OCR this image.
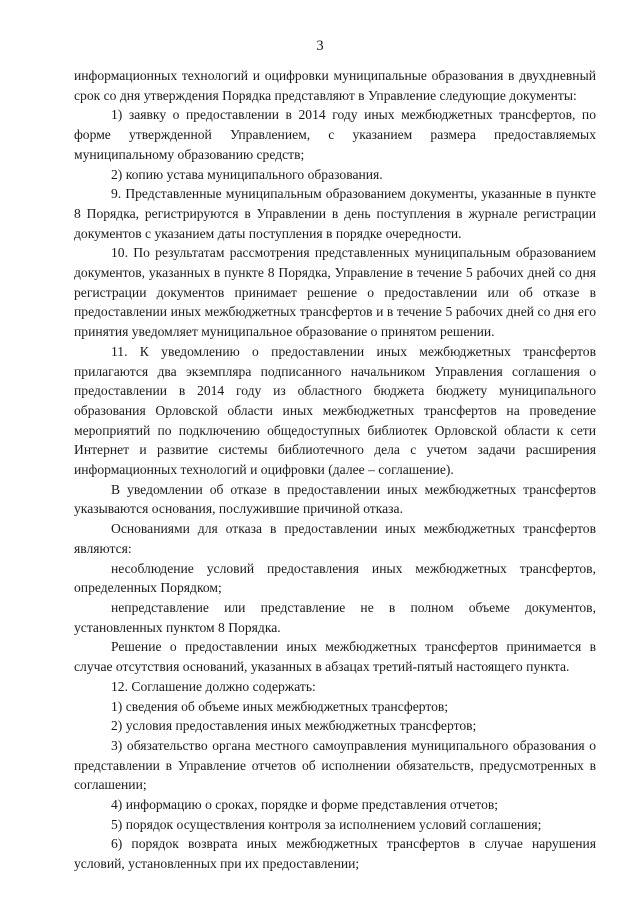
3

информационных технологий и оцифровки муниципальные образования в двухдневный срок со дня утверждения Порядка представляют в Управление следующие документы:

1) заявку о предоставлении в 2014 году иных межбюджетных трансфертов, по форме утвержденной Управлением, с указанием размера предоставляемых муниципальному образованию средств;

2) копию устава муниципального образования.

9. Представленные муниципальным образованием документы, указанные в пункте 8 Порядка, регистрируются в Управлении в день поступления в журнале регистрации документов с указанием даты поступления в порядке очередности.

10. По результатам рассмотрения представленных муниципальным образованием документов, указанных в пункте 8 Порядка, Управление в течение 5 рабочих дней со дня регистрации документов принимает решение о предоставлении или об отказе в предоставлении иных межбюджетных трансфертов и в течение 5 рабочих дней со дня его принятия уведомляет муниципальное образование о принятом решении.

11. К уведомлению о предоставлении иных межбюджетных трансфертов прилагаются два экземпляра подписанного начальником Управления соглашения о предоставлении в 2014 году из областного бюджета бюджету муниципального образования Орловской области иных межбюджетных трансфертов на проведение мероприятий по подключению общедоступных библиотек Орловской области к сети Интернет и развитие системы библиотечного дела с учетом задачи расширения информационных технологий и оцифровки (далее – соглашение).

В уведомлении об отказе в предоставлении иных межбюджетных трансфертов указываются основания, послужившие причиной отказа.

Основаниями для отказа в предоставлении иных межбюджетных трансфертов являются:

несоблюдение условий предоставления иных межбюджетных трансфертов, определенных Порядком;

непредставление или представление не в полном объеме документов, установленных пунктом 8 Порядка.

Решение о предоставлении иных межбюджетных трансфертов принимается в случае отсутствия оснований, указанных в абзацах третий-пятый настоящего пункта.

12. Соглашение должно содержать:

1) сведения об объеме иных межбюджетных трансфертов;

2) условия предоставления иных межбюджетных трансфертов;

3) обязательство органа местного самоуправления муниципального образования о представлении в Управление отчетов об исполнении обязательств, предусмотренных в соглашении;

4) информацию о сроках, порядке и форме представления отчетов;

5) порядок осуществления контроля за исполнением условий соглашения;

6) порядок возврата иных межбюджетных трансфертов в случае нарушения условий, установленных при их предоставлении;
